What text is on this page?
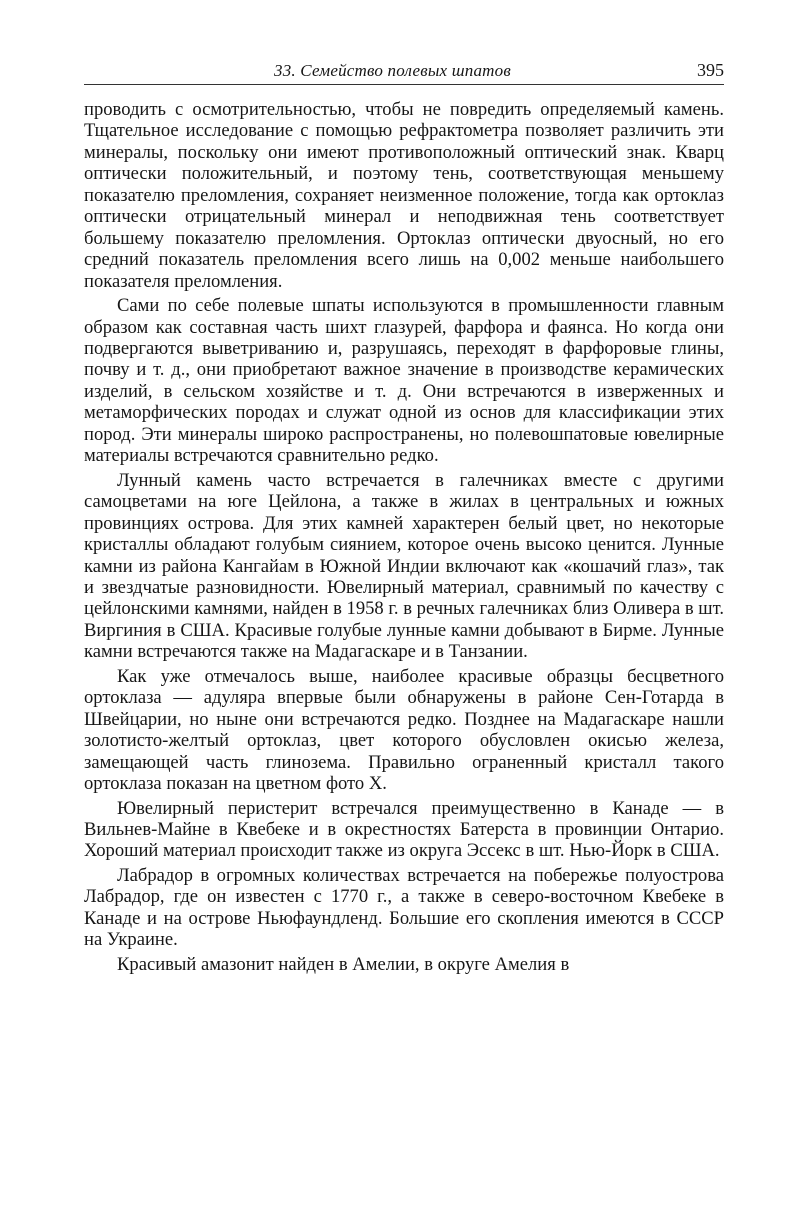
33. Семейство полевых шпатов	395

проводить с осмотрительностью, чтобы не повредить определяемый камень. Тщательное исследование с помощью рефрактометра позволяет различить эти минералы, поскольку они имеют противоположный оптический знак. Кварц оптически положительный, и поэтому тень, соответствующая меньшему показателю преломления, сохраняет неизменное положение, тогда как ортоклаз оптически отрицательный минерал и неподвижная тень соответствует большему показателю преломления. Ортоклаз оптически двуосный, но его средний показатель преломления всего лишь на 0,002 меньше наибольшего показателя преломления.

Сами по себе полевые шпаты используются в промышленности главным образом как составная часть шихт глазурей, фарфора и фаянса. Но когда они подвергаются выветриванию и, разрушаясь, переходят в фарфоровые глины, почву и т. д., они приобретают важное значение в производстве керамических изделий, в сельском хозяйстве и т. д. Они встречаются в изверженных и метаморфических породах и служат одной из основ для классификации этих пород. Эти минералы широко распространены, но полевошпатовые ювелирные материалы встречаются сравнительно редко.

Лунный камень часто встречается в галечниках вместе с другими самоцветами на юге Цейлона, а также в жилах в центральных и южных провинциях острова. Для этих камней характерен белый цвет, но некоторые кристаллы обладают голубым сиянием, которое очень высоко ценится. Лунные камни из района Кангайам в Южной Индии включают как «кошачий глаз», так и звездчатые разновидности. Ювелирный материал, сравнимый по качеству с цейлонскими камнями, найден в 1958 г. в речных галечниках близ Оливера в шт. Виргиния в США. Красивые голубые лунные камни добывают в Бирме. Лунные камни встречаются также на Мадагаскаре и в Танзании.

Как уже отмечалось выше, наиболее красивые образцы бесцветного ортоклаза — адуляра впервые были обнаружены в районе Сен-Готарда в Швейцарии, но ныне они встречаются редко. Позднее на Мадагаскаре нашли золотисто-желтый ортоклаз, цвет которого обусловлен окисью железа, замещающей часть глинозема. Правильно ограненный кристалл такого ортоклаза показан на цветном фото X.

Ювелирный перистерит встречался преимущественно в Канаде — в Вильнев-Майне в Квебеке и в окрестностях Батерста в провинции Онтарио. Хороший материал происходит также из округа Эссекс в шт. Нью-Йорк в США.

Лабрадор в огромных количествах встречается на побережье полуострова Лабрадор, где он известен с 1770 г., а также в северо-восточном Квебеке в Канаде и на острове Ньюфаундленд. Большие его скопления имеются в СССР на Украине.

Красивый амазонит найден в Амелии, в округе Амелия в
